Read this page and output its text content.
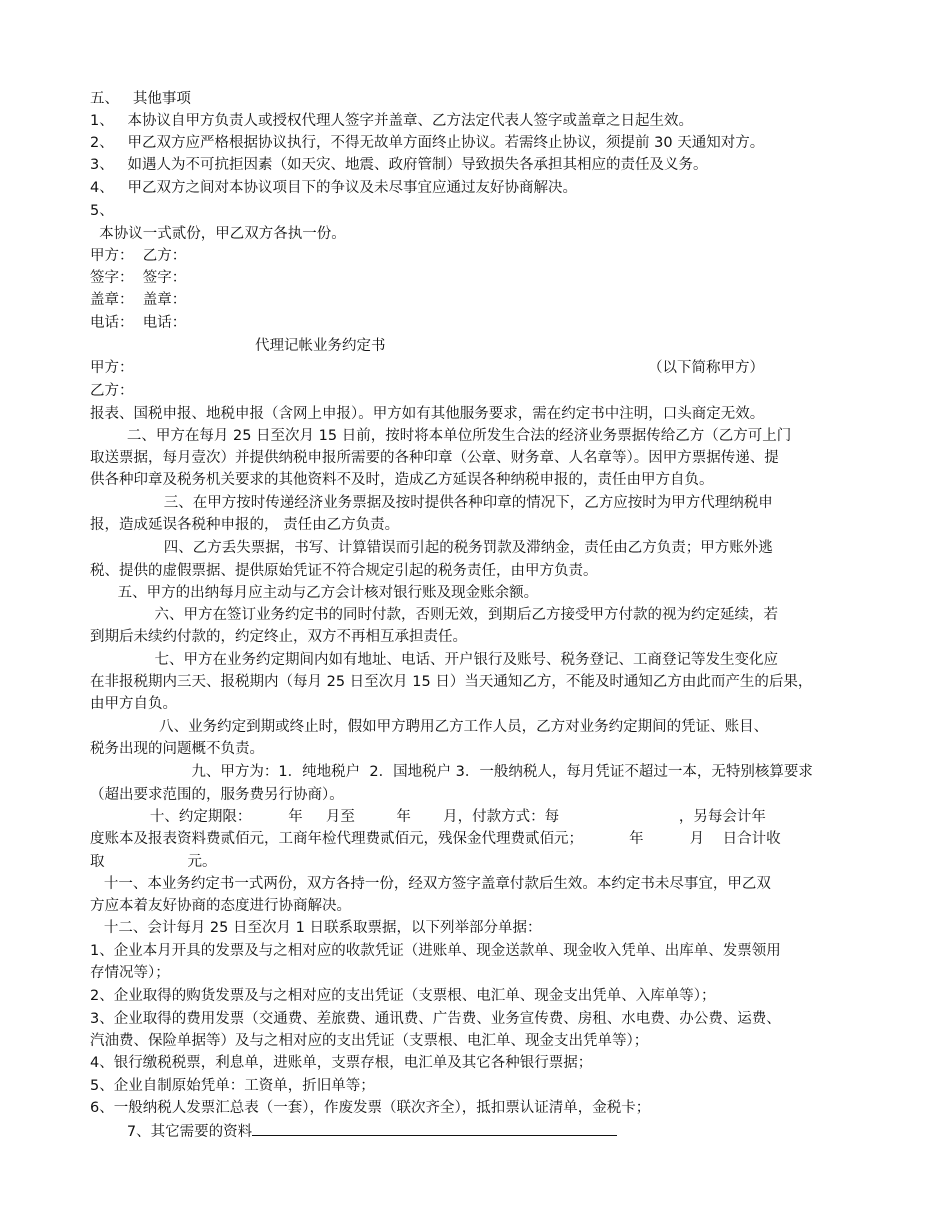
五、   其他事项
1、   本协议自甲方负责人或授权代理人签字并盖章、乙方法定代表人签字或盖章之日起生效。
2、   甲乙双方应严格根据协议执行，不得无故单方面终止协议。若需终止协议，须提前 30 天通知对方。
3、   如遇人为不可抗拒因素（如天灾、地震、政府管制）导致损失各承担其相应的责任及义务。
4、   甲乙双方之间对本协议项目下的争议及未尽事宜应通过友好协商解决。
5、
本协议一式贰份，甲乙双方各执一份。
甲方：  乙方：
签字：  签字：
盖章：  盖章：
电话：  电话：
代理记帐业务约定书
甲方：	（以下简称甲方）
乙方：
报表、国税申报、地税申报（含网上申报）。甲方如有其他服务要求，需在约定书中注明，口头商定无效。
二、甲方在每月 25 日至次月 15 日前，按时将本单位所发生合法的经济业务票据传给乙方（乙方可上门
取送票据，每月壹次）并提供纳税申报所需要的各种印章（公章、财务章、人名章等）。因甲方票据传递、提
供各种印章及税务机关要求的其他资料不及时，造成乙方延误各种纳税申报的，责任由甲方自负。
三、在甲方按时传递经济业务票据及按时提供各种印章的情况下，乙方应按时为甲方代理纳税申
报，造成延误各税种申报的， 责任由乙方负责。
四、乙方丢失票据，书写、计算错误而引起的税务罚款及滞纳金，责任由乙方负责；甲方账外逃
税、提供的虚假票据、提供原始凭证不符合规定引起的税务责任，由甲方负责。
五、甲方的出纳每月应主动与乙方会计核对银行账及现金账余额。
六、甲方在签订业务约定书的同时付款，否则无效，到期后乙方接受甲方付款的视为约定延续，若
到期后未续约付款的，约定终止，双方不再相互承担责任。
七、甲方在业务约定期间内如有地址、电话、开户银行及账号、税务登记、工商登记等发生变化应
在非报税期内三天、报税期内（每月 25 日至次月 15 日）当天通知乙方，不能及时通知乙方由此而产生的后果，
由甲方自负。
八、业务约定到期或终止时，假如甲方聘用乙方工作人员，乙方对业务约定期间的凭证、账目、
税务出现的问题概不负责。
九、甲方为：1．纯地税户  2．国地税户 3．一般纳税人，每月凭证不超过一本，无特别核算要求
（超出要求范围的，服务费另行协商）。
十、约定期限：        年     月至         年       月，付款方式：每                          ，另每会计年
度账本及报表资料费贰佰元，工商年检代理费贰佰元，残保金代理费贰佰元；          年          月    日合计收
取                  元。
十一、本业务约定书一式两份，双方各持一份，经双方签字盖章付款后生效。本约定书未尽事宜，甲乙双
方应本着友好协商的态度进行协商解决。
十二、会计每月 25 日至次月 1 日联系取票据，以下列举部分单据：
1、企业本月开具的发票及与之相对应的收款凭证（进账单、现金送款单、现金收入凭单、出库单、发票领用
存情况等）；
2、企业取得的购货发票及与之相对应的支出凭证（支票根、电汇单、现金支出凭单、入库单等）；
3、企业取得的费用发票（交通费、差旅费、通讯费、广告费、业务宣传费、房租、水电费、办公费、运费、
汽油费、保险单据等）及与之相对应的支出凭证（支票根、电汇单、现金支出凭单等）；
4、银行缴税税票，利息单，进账单，支票存根，电汇单及其它各种银行票据；
5、企业自制原始凭单：工资单，折旧单等；
6、一般纳税人发票汇总表（一套），作废发票（联次齐全），抵扣票认证清单，金税卡；
7、其它需要的资料
